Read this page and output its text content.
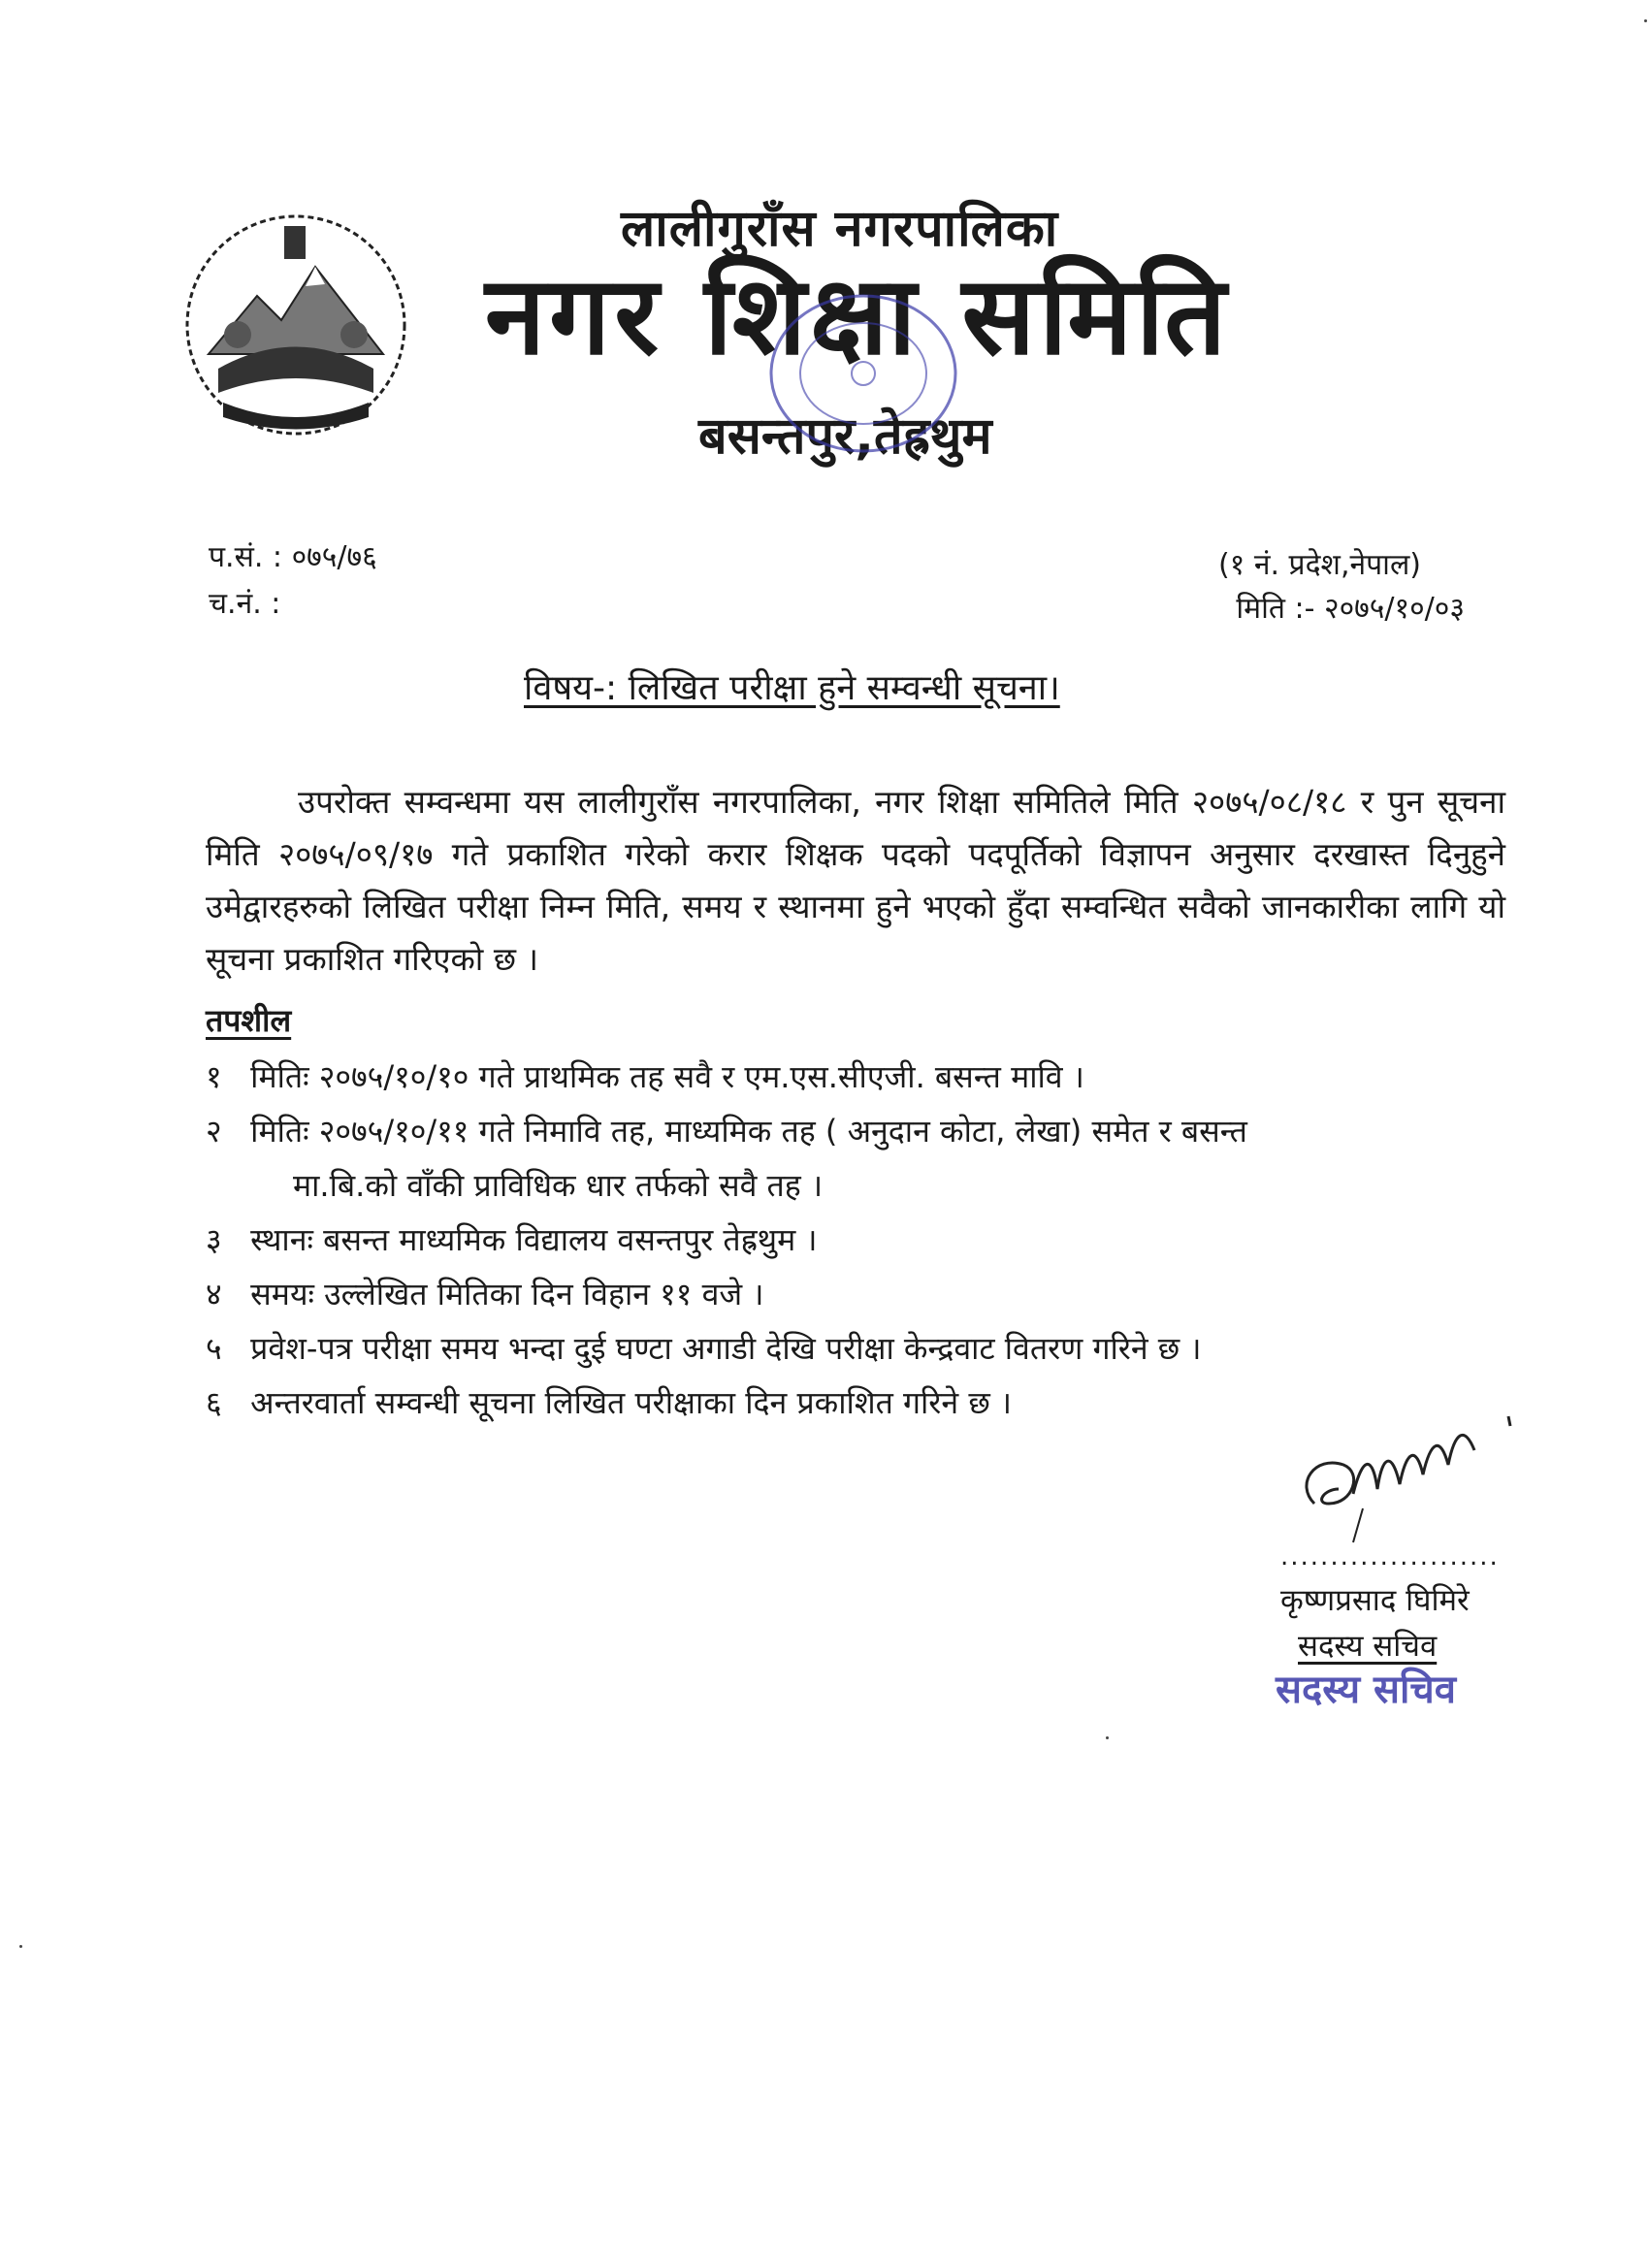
लालीगुराँस नगरपालिका
नगर शिक्षा समिति
बसन्तपुर,तेह्रथुम
प.सं. : ०७५/७६
च.नं. :
(१ नं. प्रदेश,नेपाल)
मिति :- २०७५/१०/०३
विषय-: लिखित परीक्षा हुने सम्वन्धी सूचना।

उपरोक्त सम्वन्धमा यस लालीगुराँस नगरपालिका, नगर शिक्षा समितिले मिति २०७५/०८/१८ र पुन सूचना मिति २०७५/०९/१७ गते प्रकाशित गरेको करार शिक्षक पदको पदपूर्तिको विज्ञापन अनुसार दरखास्त दिनुहुने उमेद्वारहरुको लिखित परीक्षा निम्न मिति, समय र स्थानमा हुने भएको हुँदा सम्वन्धित सवैको जानकारीका लागि यो सूचना प्रकाशित गरिएको छ ।

तपशील
१ मितिः २०७५/१०/१० गते प्राथमिक तह सवै र एम.एस.सीएजी. बसन्त मावि ।
२ मितिः २०७५/१०/११ गते निमावि तह, माध्यमिक तह ( अनुदान कोटा, लेखा) समेत र बसन्त
मा.बि.को वाँकी प्राविधिक धार तर्फको सवै तह ।
३ स्थानः बसन्त माध्यमिक विद्यालय वसन्तपुर तेह्रथुम ।
४ समयः उल्लेखित मितिका दिन विहान ११ वजे ।
५ प्रवेश-पत्र परीक्षा समय भन्दा दुई घण्टा अगाडी देखि परीक्षा केन्द्रवाट वितरण गरिने छ ।
६ अन्तरवार्ता सम्वन्धी सूचना लिखित परीक्षाका दिन प्रकाशित गरिने छ ।
......................
कृष्णप्रसाद घिमिरे
सदस्य सचिव
सदस्य सचिव
